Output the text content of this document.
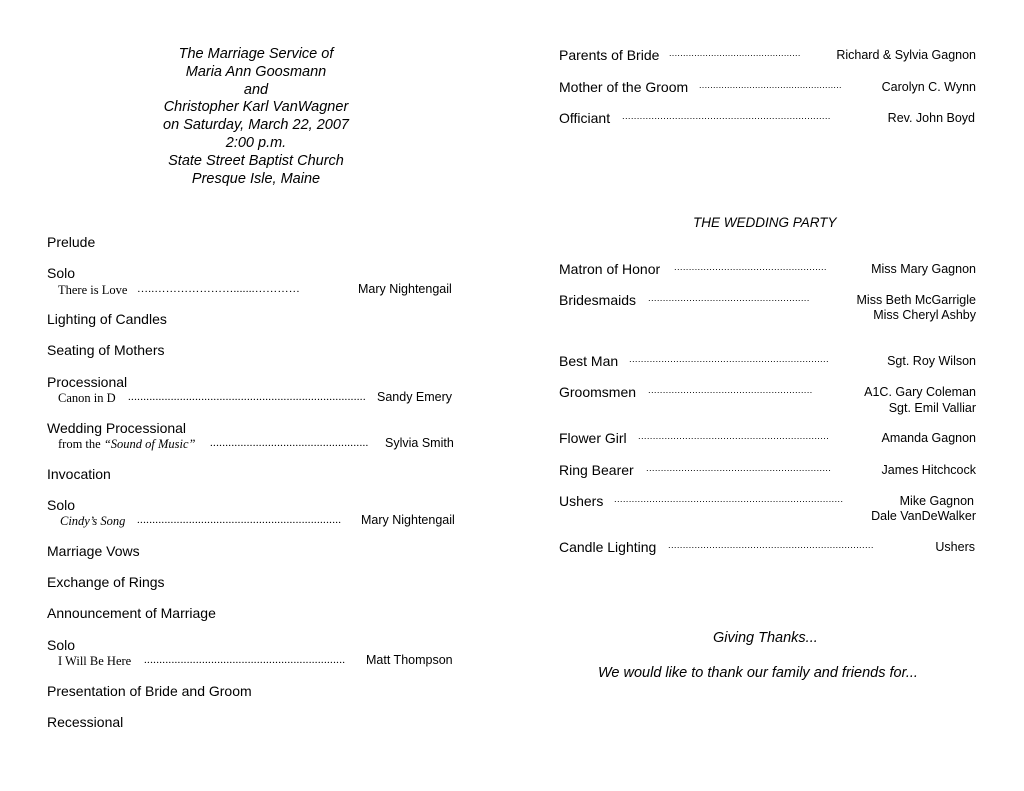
The Marriage Service of
Maria Ann Goosmann
and
Christopher Karl VanWagner
on Saturday, March 22, 2007
2:00 p.m.
State Street Baptist Church
Presque Isle, Maine
Prelude
Solo
There is Love …..………………….......…………	Mary Nightengail
Lighting of Candles
Seating of Mothers
Processional
Canon in D .............................................................................. Sandy Emery
Wedding Processional
from the “Sound of Music” .................................................... Sylvia Smith
Invocation
Solo
Cindy’s Song ................................................................... Mary Nightengail
Marriage Vows
Exchange of Rings
Announcement of Marriage
Solo
I Will Be Here .................................................................. Matt Thompson
Presentation of Bride and Groom
Recessional
Parents of Bride ...............................................	Richard & Sylvia Gagnon
Mother of the Groom ...................................................	Carolyn C. Wynn
Officiant .......................................................................	Rev. John Boyd
THE WEDDING PARTY
Matron of Honor ....................................................	Miss Mary Gagnon
Bridesmaids .......................................................	Miss Beth McGarrigle
Miss Cheryl Ashby
Best Man ....................................................................	Sgt. Roy Wilson
Groomsmen ........................................................	A1C. Gary Coleman
Sgt. Emil Valliar
Flower Girl .................................................................	Amanda Gagnon
Ring Bearer ...............................................................	James Hitchcock
Ushers ..............................................................................	Mike Gagnon
Dale VanDeWalker
Candle Lighting ......................................................................	Ushers
Giving Thanks...
We would like to thank our family and friends for...
